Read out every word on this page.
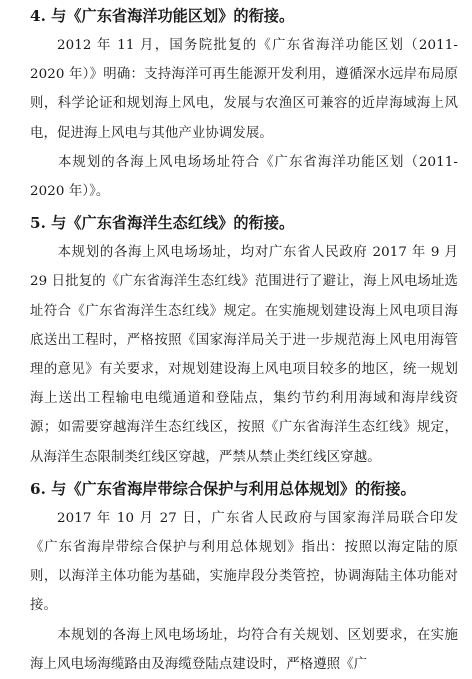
4. 与《广东省海洋功能区划》的衔接。

2012 年 11 月，国务院批复的《广东省海洋功能区划（2011-2020 年）》明确：支持海洋可再生能源开发利用，遵循深水远岸布局原则，科学论证和规划海上风电，发展与农渔区可兼容的近岸海域海上风电，促进海上风电与其他产业协调发展。

本规划的各海上风电场场址符合《广东省海洋功能区划（2011-2020 年）》。

5. 与《广东省海洋生态红线》的衔接。

本规划的各海上风电场场址，均对广东省人民政府 2017 年 9 月 29 日批复的《广东省海洋生态红线》范围进行了避让，海上风电场址选址符合《广东省海洋生态红线》规定。在实施规划建设海上风电项目海底送出工程时，严格按照《国家海洋局关于进一步规范海上风电用海管理的意见》有关要求，对规划建设海上风电项目较多的地区，统一规划海上送出工程输电电缆通道和登陆点，集约节约利用海域和海岸线资源；如需要穿越海洋生态红线区，按照《广东省海洋生态红线》规定，从海洋生态限制类红线区穿越，严禁从禁止类红线区穿越。

6. 与《广东省海岸带综合保护与利用总体规划》的衔接。

2017 年 10 月 27 日，广东省人民政府与国家海洋局联合印发《广东省海岸带综合保护与利用总体规划》指出：按照以海定陆的原则，以海洋主体功能为基础，实施岸段分类管控，协调海陆主体功能对接。

本规划的各海上风电场场址，均符合有关规划、区划要求，在实施海上风电场海缆路由及海缆登陆点建设时，严格遵照《广
